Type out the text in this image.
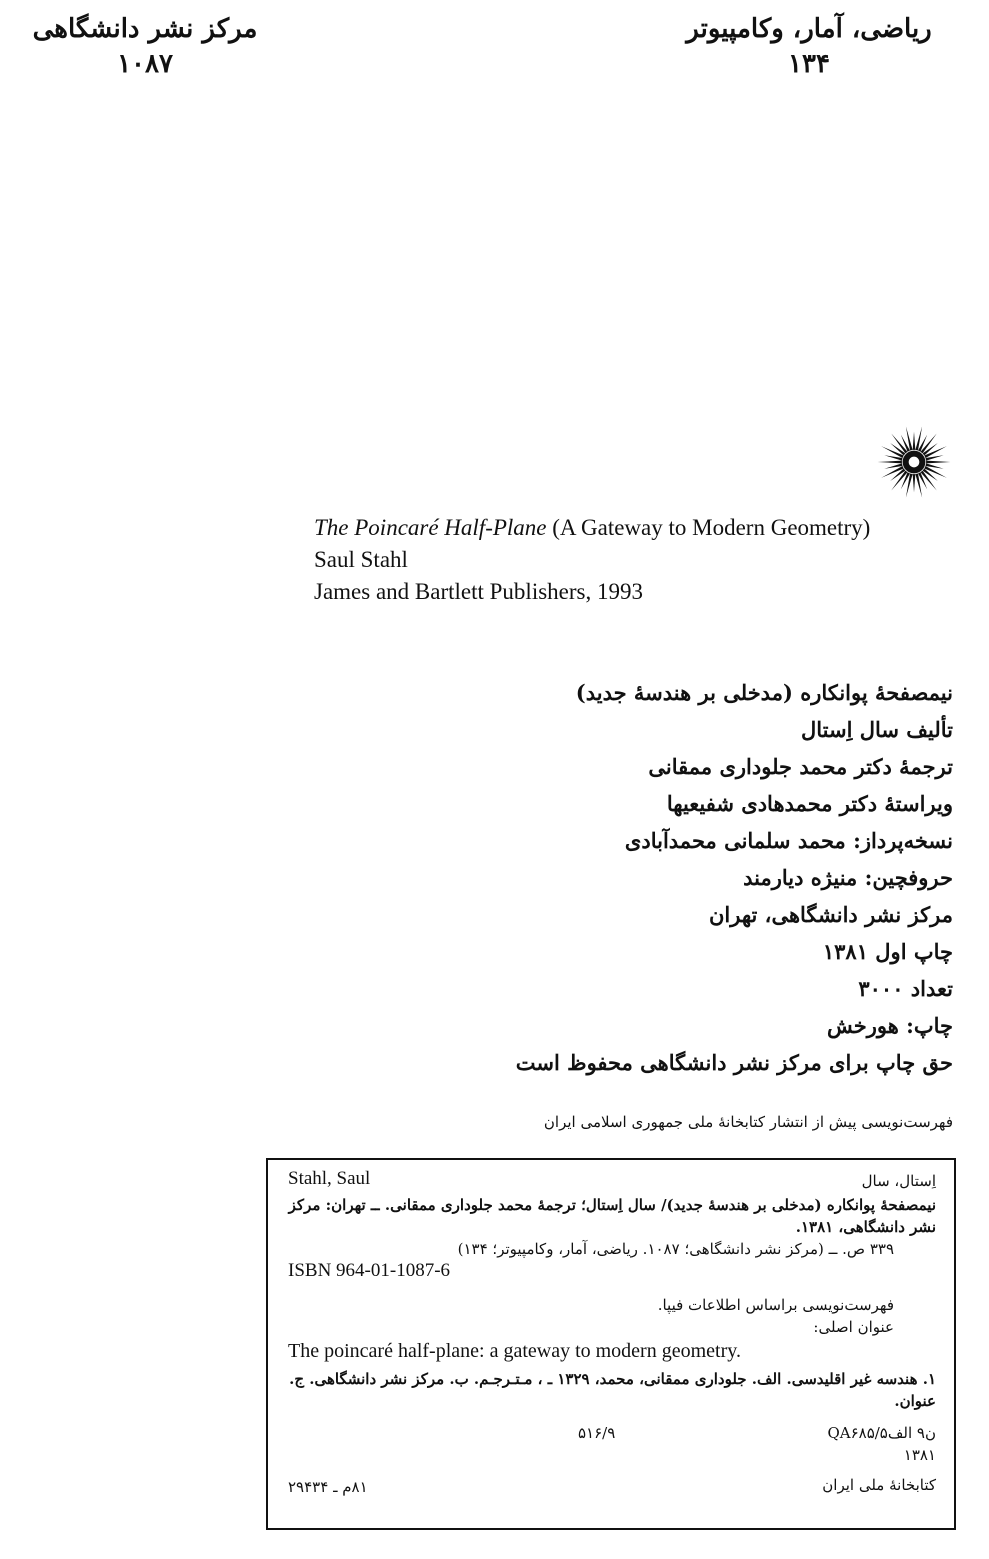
مرکز نشر دانشگاهی
۱۰۸۷
ریاضی، آمار، وکامپیوتر
۱۳۴
The Poincaré Half-Plane (A Gateway to Modern Geometry)
Saul Stahl
James and Bartlett Publishers, 1993
نیمصفحهٔ پوانکاره (مدخلی بر هندسهٔ جدید)
تألیف سال اِستال
ترجمهٔ دکتر محمد جلوداری ممقانی
ویراستهٔ دکتر محمدهادی شفیعیها
نسخه‌پرداز: محمد سلمانی محمدآبادی
حروفچین: منیژه دیارمند
مرکز نشر دانشگاهی، تهران
چاپ اول ۱۳۸۱
تعداد ۳۰۰۰
چاپ: هورخش
حق چاپ برای مرکز نشر دانشگاهی محفوظ است
فهرست‌نویسی پیش از انتشار کتابخانهٔ ملی جمهوری اسلامی ایران
Stahl, Saul	اِستال، سال
نیمصفحهٔ پوانکاره (مدخلی بر هندسهٔ جدید)/ سال اِستال؛ ترجمهٔ محمد جلوداری ممقانی. ــ تهران: مرکز نشر دانشگاهی، ۱۳۸۱.
۳۳۹ ص. ــ (مرکز نشر دانشگاهی؛ ۱۰۸۷. ریاضی، آمار، وکامپیوتر؛ ۱۳۴)
ISBN 964-01-1087-6
فهرست‌نویسی براساس اطلاعات فیپا.
عنوان اصلی:
The poincaré half-plane: a gateway to modern geometry.
۱. هندسه غیر اقلیدسی. الف. جلوداری ممقانی، محمد، ۱۳۲۹ ـ ، مـتـرجـم. ب. مرکز نشر دانشگاهی. ج. عنوان.
QA۶۸۵/۵ن۹ الف
۵۱۶/۹
۱۳۸۱
کتابخانهٔ ملی ایران
۸۱م ـ ۲۹۴۳۴
